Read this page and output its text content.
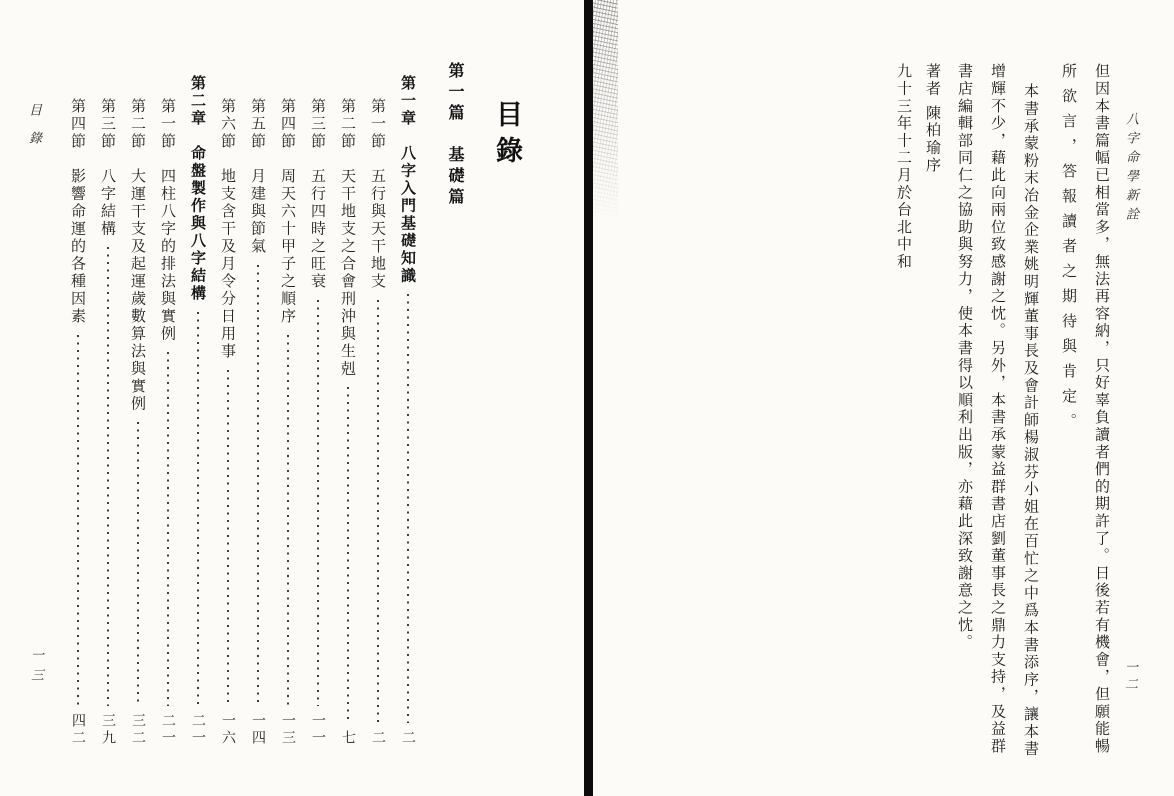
目錄	目錄
第一篇　基礎篇
第一章　八字入門基礎知識
二
第一節　五行與天干地支
二
第二節　天干地支之合會刑沖與生剋
七
第三節　五行四時之旺衰
一一
第四節　周天六十甲子之順序
一三
第五節　月建與節氣
一四
第六節　地支含干及月令分日用事
一六
第二章　命盤製作與八字結構
二一
第一節　四柱八字的排法與實例
二一
第二節　大運干支及起運歲數算法與實例
三二
第三節　八字結構
三九
第四節　影響命運的各種因素
四二
一三
八字命學新詮

但因本書篇幅已相當多，無法再容納，只好辜負讀者們的期許了。日後若有機會，但願能暢

所欲言，答報讀者之期待與肯定。

本書承蒙粉末冶金企業姚明輝董事長及會計師楊淑芬小姐在百忙之中爲本書添序，讓本書增輝不少，藉此向兩位致感謝之忱。另外，本書承蒙益群書店劉董事長之鼎力支持，及益群書店編輯部同仁之協助與努力，使本書得以順利出版，亦藉此深致謝意之忱。

著者 陳柏瑜序

九十三年十二月於台北中和

一二
